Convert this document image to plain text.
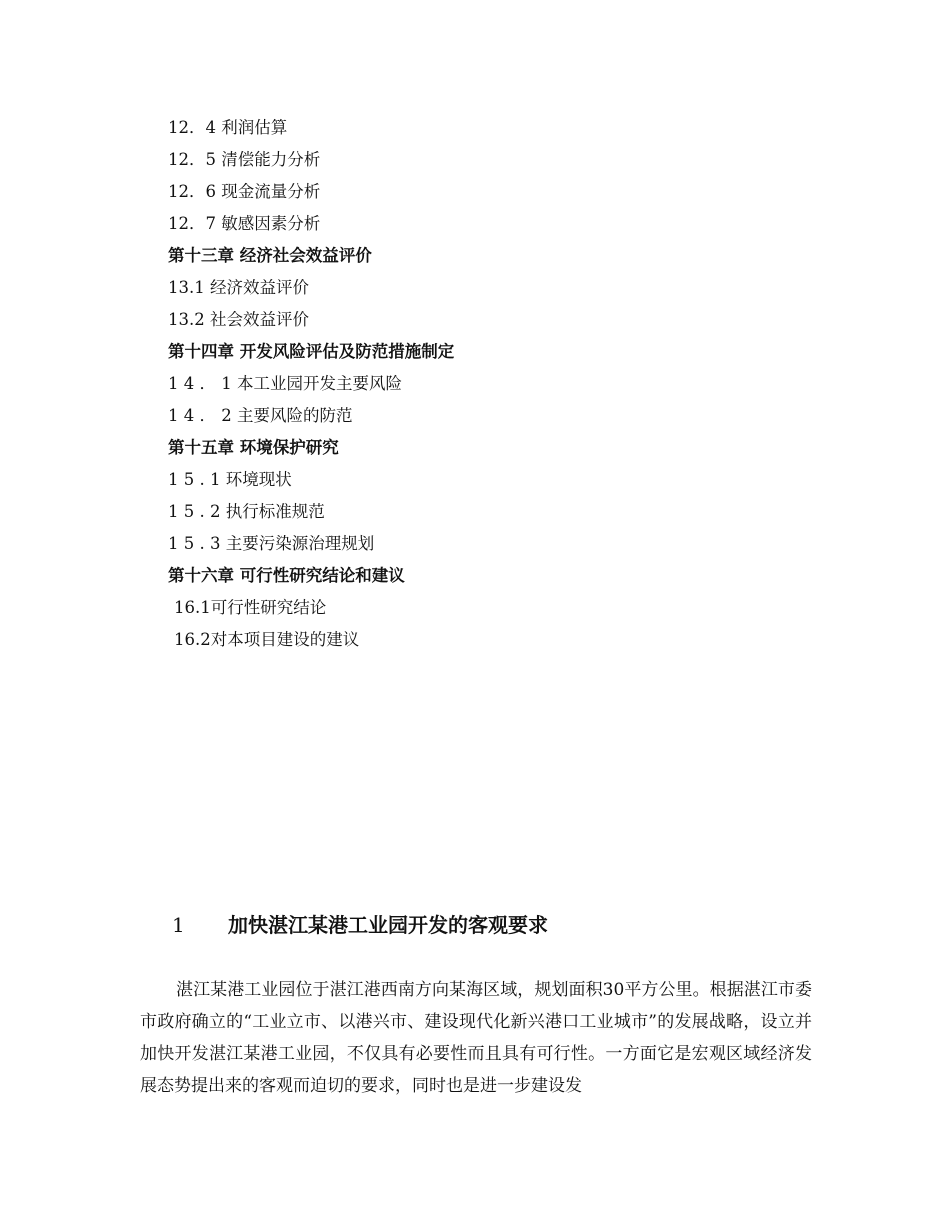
12．4 利润估算
12．5 清偿能力分析
12．6 现金流量分析
12．7 敏感因素分析
第十三章 经济社会效益评价
13.1 经济效益评价
13.2 社会效益评价
第十四章 开发风险评估及防范措施制定
1 4 ． 1 本工业园开发主要风险
1 4 ． 2 主要风险的防范
第十五章 环境保护研究
1 5 . 1 环境现状
1 5 . 2 执行标准规范
1 5 . 3 主要污染源治理规划
第十六章 可行性研究结论和建议
16.1可行性研究结论
16.2对本项目建设的建议
1 加快湛江某港工业园开发的客观要求
湛江某港工业园位于湛江港西南方向某海区域，规划面积30平方公里。根据湛江市委市政府确立的“工业立市、以港兴市、建设现代化新兴港口工业城市”的发展战略，设立并加快开发湛江某港工业园，不仅具有必要性而且具有可行性。一方面它是宏观区域经济发展态势提出来的客观而迫切的要求，同时也是进一步建设发
